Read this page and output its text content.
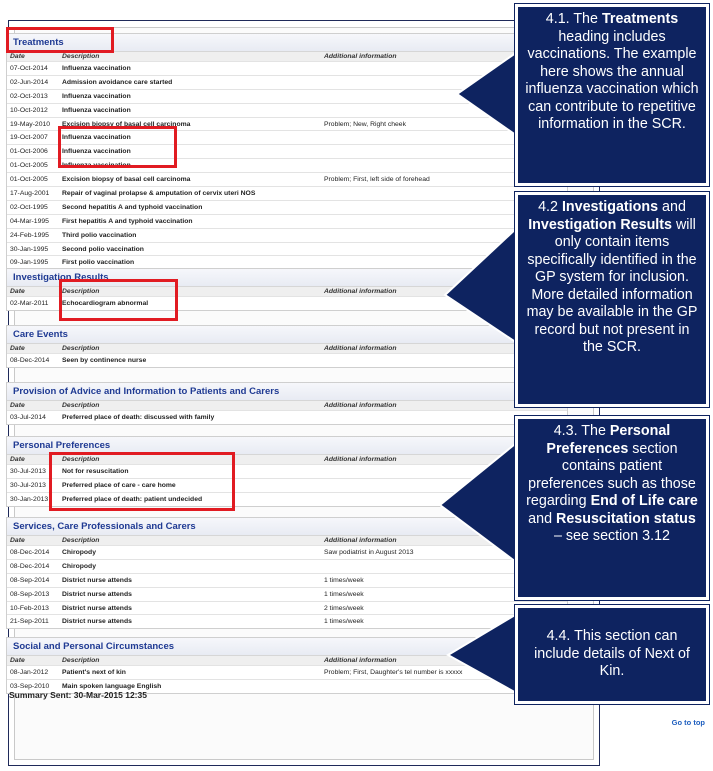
Treatments
Date	Description	Additional information
07-Oct-2014	Influenza vaccination	
02-Jun-2014	Admission avoidance care started	
02-Oct-2013	Influenza vaccination	
10-Oct-2012	Influenza vaccination	
19-May-2010	Excision biopsy of basal cell carcinoma	Problem; New, Right cheek
19-Oct-2007	Influenza vaccination	
01-Oct-2006	Influenza vaccination	
01-Oct-2005	Influenza vaccination	
01-Oct-2005	Excision biopsy of basal cell carcinoma	Problem; First, left side of forehead
17-Aug-2001	Repair of vaginal prolapse & amputation of cervix uteri NOS	
02-Oct-1995	Second hepatitis A and typhoid vaccination	
04-Mar-1995	First hepatitis A and typhoid vaccination	
24-Feb-1995	Third polio vaccination	
30-Jan-1995	Second polio vaccination	
09-Jan-1995	First polio vaccination	
Investigation Results
Date	Description	Additional information
02-Mar-2011	Echocardiogram abnormal	
Care Events
Date	Description	Additional information
08-Dec-2014	Seen by continence nurse	
Provision of Advice and Information to Patients and Carers
Date	Description	Additional information
03-Jul-2014	Preferred place of death: discussed with family	
Personal Preferences
Date	Description	Additional information
30-Jul-2013	Not for resuscitation	
30-Jul-2013	Preferred place of care - care home	
30-Jan-2013	Preferred place of death: patient undecided	
Services, Care Professionals and Carers
Date	Description	Additional information
08-Dec-2014	Chiropody	Saw podiatrist in August 2013
08-Dec-2014	Chiropody	
08-Sep-2014	District nurse attends	1 times/week
08-Sep-2013	District nurse attends	1 times/week
10-Feb-2013	District nurse attends	2 times/week
21-Sep-2011	District nurse attends	1 times/week
Social and Personal Circumstances
Date	Description	Additional information
08-Jan-2012	Patient's next of kin	Problem; First, Daughter's tel number is xxxxx
03-Sep-2010	Main spoken language English	
Summary Sent: 30-Mar-2015 12:35
Go to top
4.1. The Treatments heading includes vaccinations. The example here shows the annual influenza vaccination which can contribute to repetitive information in the SCR.
4.2 Investigations and Investigation Results will only contain items specifically identified in the GP system for inclusion. More detailed information may be available in the GP record but not present in the SCR.
4.3. The Personal Preferences section contains patient preferences such as those regarding End of Life care and Resuscitation status – see section 3.12
4.4. This section can include details of Next of Kin.
